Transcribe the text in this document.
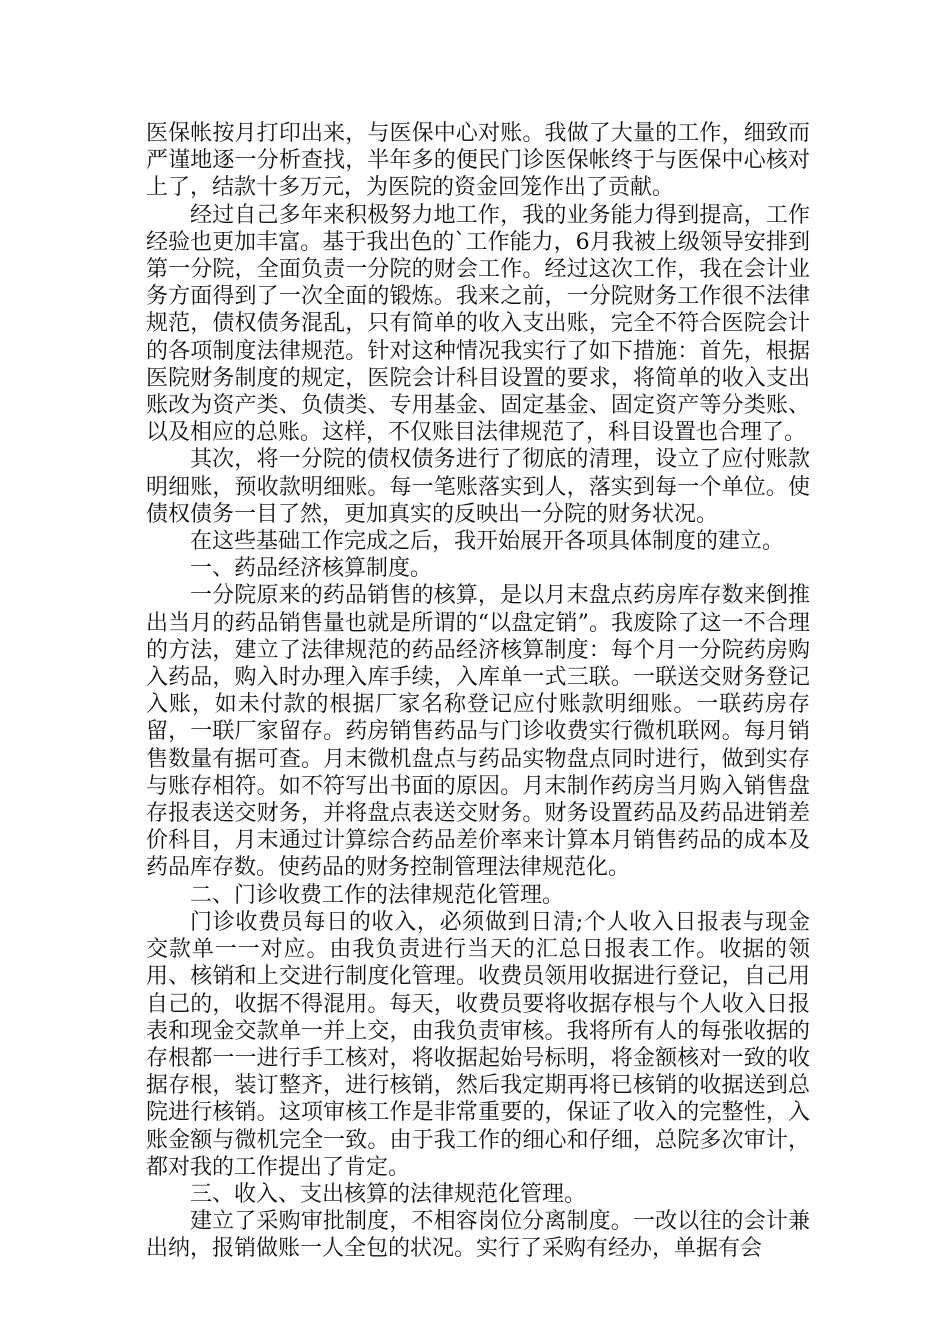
医保帐按月打印出来，与医保中心对账。我做了大量的工作，细致而严谨地逐一分析查找，半年多的便民门诊医保帐终于与医保中心核对上了，结款十多万元，为医院的资金回笼作出了贡献。

经过自己多年来积极努力地工作，我的业务能力得到提高，工作经验也更加丰富。基于我出色的`工作能力，6月我被上级领导安排到第一分院，全面负责一分院的财会工作。经过这次工作，我在会计业务方面得到了一次全面的锻炼。我来之前，一分院财务工作很不法律规范，债权债务混乱，只有简单的收入支出账，完全不符合医院会计的各项制度法律规范。针对这种情况我实行了如下措施：首先，根据医院财务制度的规定，医院会计科目设置的要求，将简单的收入支出账改为资产类、负债类、专用基金、固定基金、固定资产等分类账、以及相应的总账。这样，不仅账目法律规范了，科目设置也合理了。

其次，将一分院的债权债务进行了彻底的清理，设立了应付账款明细账，预收款明细账。每一笔账落实到人，落实到每一个单位。使债权债务一目了然，更加真实的反映出一分院的财务状况。

在这些基础工作完成之后，我开始展开各项具体制度的建立。

一、药品经济核算制度。

一分院原来的药品销售的核算，是以月末盘点药房库存数来倒推出当月的药品销售量也就是所谓的“以盘定销”。我废除了这一不合理的方法，建立了法律规范的药品经济核算制度：每个月一分院药房购入药品，购入时办理入库手续，入库单一式三联。一联送交财务登记入账，如未付款的根据厂家名称登记应付账款明细账。一联药房存留，一联厂家留存。药房销售药品与门诊收费实行微机联网。每月销售数量有据可查。月末微机盘点与药品实物盘点同时进行，做到实存与账存相符。如不符写出书面的原因。月末制作药房当月购入销售盘存报表送交财务，并将盘点表送交财务。财务设置药品及药品进销差价科目，月末通过计算综合药品差价率来计算本月销售药品的成本及药品库存数。使药品的财务控制管理法律规范化。

二、门诊收费工作的法律规范化管理。

门诊收费员每日的收入，必须做到日清;个人收入日报表与现金交款单一一对应。由我负责进行当天的汇总日报表工作。收据的领用、核销和上交进行制度化管理。收费员领用收据进行登记，自己用自己的，收据不得混用。每天，收费员要将收据存根与个人收入日报表和现金交款单一并上交，由我负责审核。我将所有人的每张收据的存根都一一进行手工核对，将收据起始号标明，将金额核对一致的收据存根，装订整齐，进行核销，然后我定期再将已核销的收据送到总院进行核销。这项审核工作是非常重要的，保证了收入的完整性，入账金额与微机完全一致。由于我工作的细心和仔细，总院多次审计，都对我的工作提出了肯定。

三、收入、支出核算的法律规范化管理。

建立了采购审批制度，不相容岗位分离制度。一改以往的会计兼出纳，报销做账一人全包的状况。实行了采购有经办，单据有会
